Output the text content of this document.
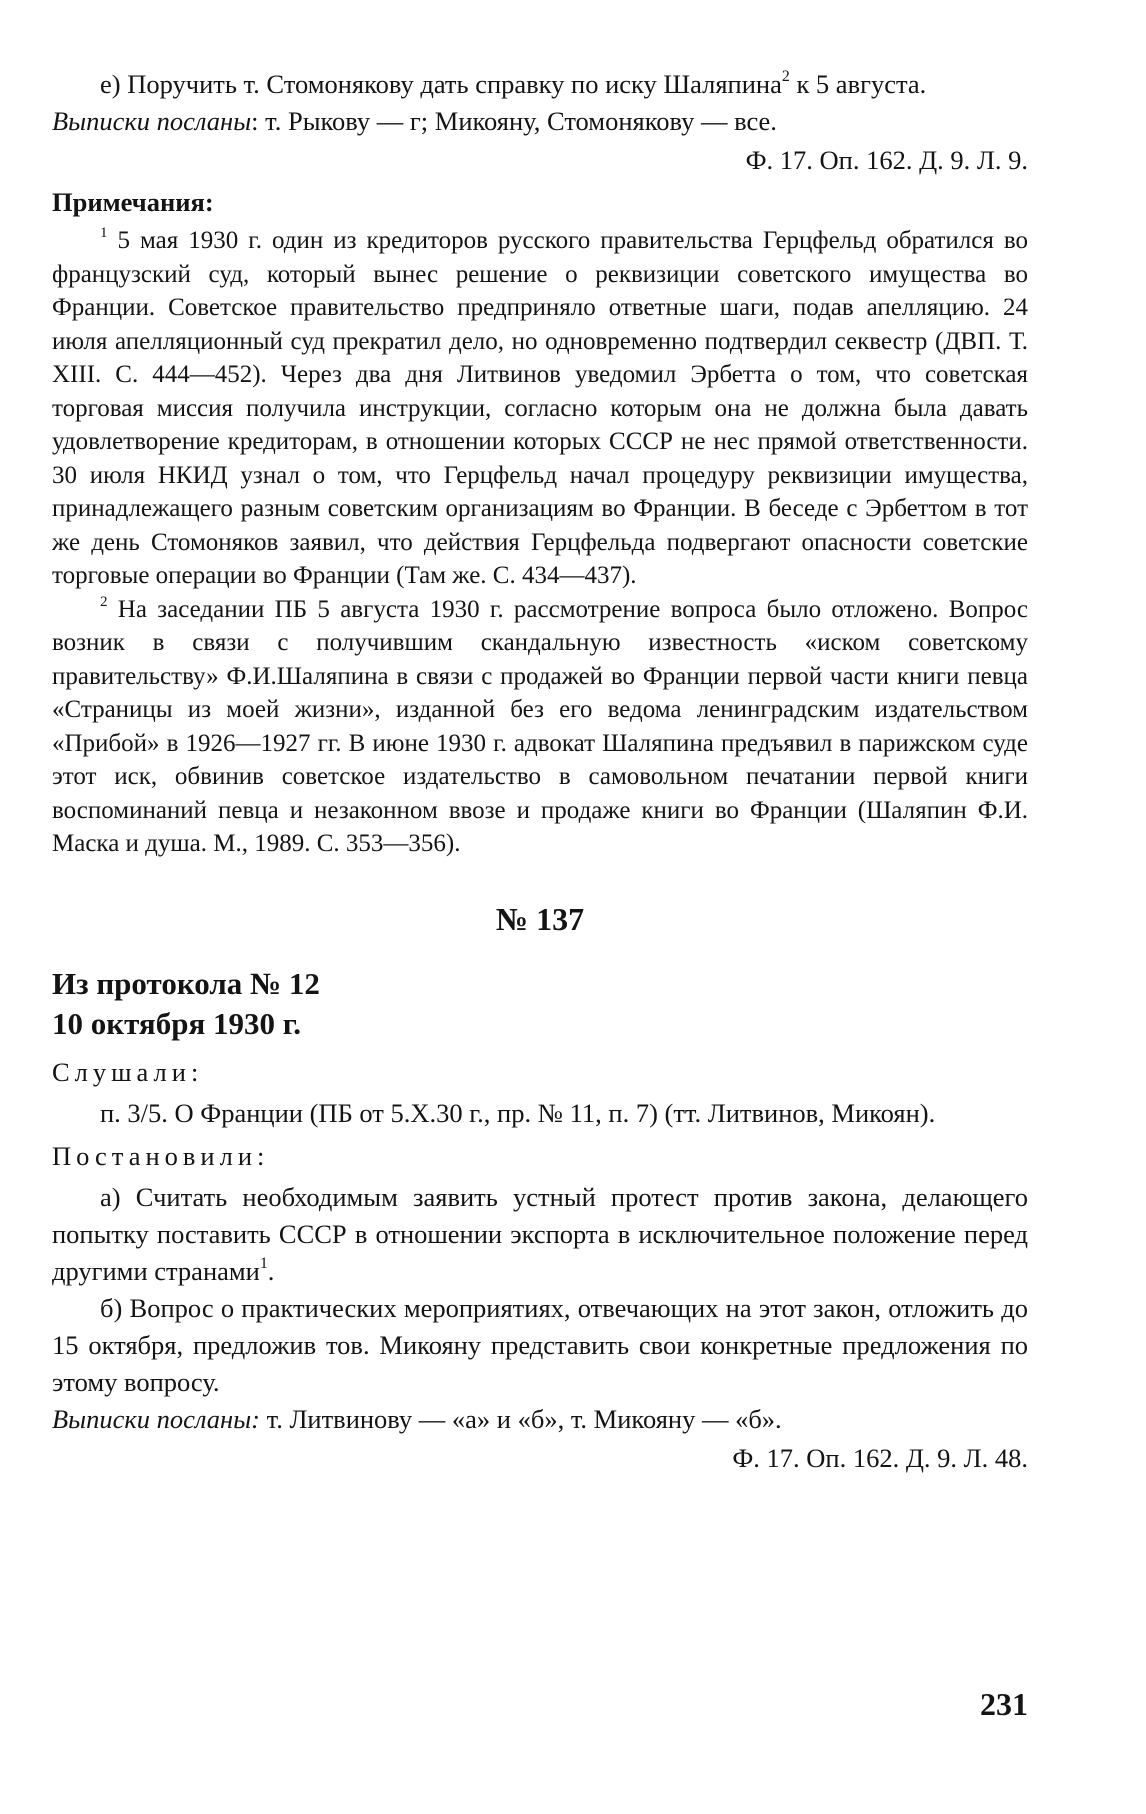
е) Поручить т. Стомонякову дать справку по иску Шаляпина$^2$ к 5 августа.

Выписки посланы: т. Рыкову — г; Микояну, Стомонякову — все.

Ф. 17. Оп. 162. Д. 9. Л. 9.

Примечания:

$^1$ 5 мая 1930 г. один из кредиторов русского правительства Герцфельд обратился во французский суд, который вынес решение о реквизиции советского имущества во Франции. Советское правительство предприняло ответные шаги, подав апелляцию. 24 июля апелляционный суд прекратил дело, но одновременно подтвердил секвестр (ДВП. Т. XIII. С. 444—452). Через два дня Литвинов уведомил Эрбетта о том, что советская торговая миссия получила инструкции, согласно которым она не должна была давать удовлетворение кредиторам, в отношении которых СССР не нес прямой ответственности. 30 июля НКИД узнал о том, что Герцфельд начал процедуру реквизиции имущества, принадлежащего разным советским организациям во Франции. В беседе с Эрбеттом в тот же день Стомоняков заявил, что действия Герцфельда подвергают опасности советские торговые операции во Франции (Там же. С. 434—437).

$^2$ На заседании ПБ 5 августа 1930 г. рассмотрение вопроса было отложено. Вопрос возник в связи с получившим скандальную известность «иском советскому правительству» Ф.И.Шаляпина в связи с продажей во Франции первой части книги певца «Страницы из моей жизни», изданной без его ведома ленинградским издательством «Прибой» в 1926—1927 гг. В июне 1930 г. адвокат Шаляпина предъявил в парижском суде этот иск, обвинив советское издательство в самовольном печатании первой книги воспоминаний певца и незаконном ввозе и продаже книги во Франции (Шаляпин Ф.И. Маска и душа. М., 1989. С. 353—356).

№ 137
Из протокола № 12
10 октября 1930 г.

Слушали:

п. 3/5. О Франции (ПБ от 5.Х.30 г., пр. № 11, п. 7) (тт. Литвинов, Микоян).

Постановили:

а) Считать необходимым заявить устный протест против закона, делающего попытку поставить СССР в отношении экспорта в исключительное положение перед другими странами$^1$.

б) Вопрос о практических мероприятиях, отвечающих на этот закон, отложить до 15 октября, предложив тов. Микояну представить свои конкретные предложения по этому вопросу.

Выписки посланы: т. Литвинову — «а» и «б», т. Микояну — «б».

Ф. 17. Оп. 162. Д. 9. Л. 48.

231
